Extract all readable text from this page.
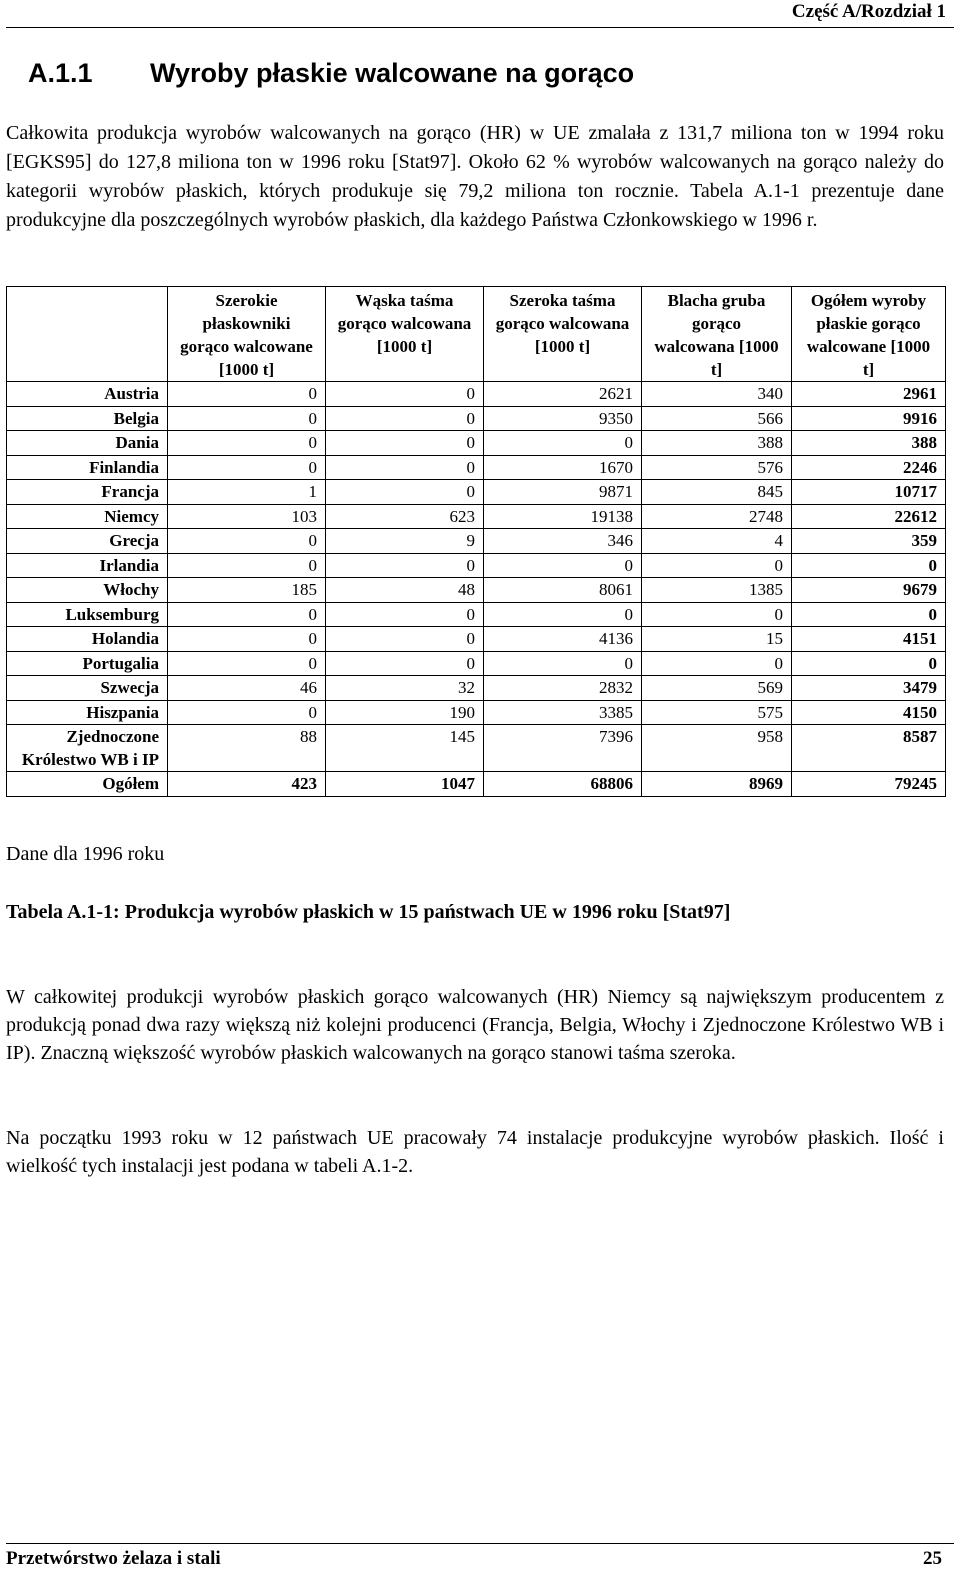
Część A/Rozdział 1
A.1.1 Wyroby płaskie walcowane na gorąco
Całkowita produkcja wyrobów walcowanych na gorąco (HR) w UE zmalała z 131,7 miliona ton w 1994 roku [EGKS95] do 127,8 milionа ton w 1996 roku [Stat97]. Około 62 % wyrobów walcowanych na gorąco należy do kategorii wyrobów płaskich, których produkuje się 79,2 miliona ton rocznie. Tabela A.1-1 prezentuje dane produkcyjne dla poszczególnych wyrobów płaskich, dla każdego Państwa Członkowskiego w 1996 r.
	Szerokie płaskowniki gorąco walcowane [1000 t]	Wąska taśma gorąco walcowana [1000 t]	Szeroka taśma gorąco walcowana [1000 t]	Blacha gruba gorąco walcowana [1000 t]	Ogółem wyroby płaskie gorąco walcowane [1000 t]
Austria	0	0	2621	340	2961
Belgia	0	0	9350	566	9916
Dania	0	0	0	388	388
Finlandia	0	0	1670	576	2246
Francja	1	0	9871	845	10717
Niemcy	103	623	19138	2748	22612
Grecja	0	9	346	4	359
Irlandia	0	0	0	0	0
Włochy	185	48	8061	1385	9679
Luksemburg	0	0	0	0	0
Holandia	0	0	4136	15	4151
Portugalia	0	0	0	0	0
Szwecja	46	32	2832	569	3479
Hiszpania	0	190	3385	575	4150
Zjednoczone Królestwo WB i IP	88	145	7396	958	8587
Ogółem	423	1047	68806	8969	79245
Dane dla 1996 roku
Tabela A.1-1: Produkcja wyrobów płaskich w 15 państwach UE w 1996 roku [Stat97]
W całkowitej produkcji wyrobów płaskich gorąco walcowanych (HR) Niemcy są największym producentem z produkcją ponad dwa razy większą niż kolejni producenci (Francja, Belgia, Włochy i Zjednoczone Królestwo WB i IP). Znaczną większość wyrobów płaskich walcowanych na gorąco stanowi taśma szeroka.
Na początku 1993 roku w 12 państwach UE pracowały 74 instalacje produkcyjne wyrobów płaskich. Ilość i wielkość tych instalacji jest podana w tabeli A.1-2.
Przetwórstwo żelaza i stali	25
